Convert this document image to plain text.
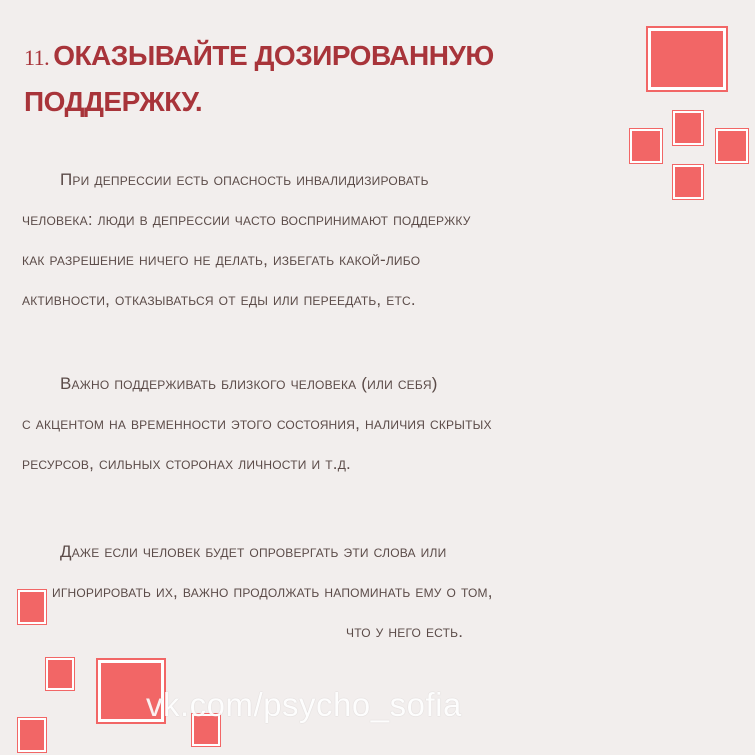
11. ОКАЗЫВАЙТЕ ДОЗИРОВАННУЮ
ПОДДЕРЖКУ.
При депрессии есть опасность инвалидизировать
человека: люди в депрессии часто воспринимают поддержку
как разрешение ничего не делать, избегать какой-либо
активности, отказываться от еды или переедать, етс.
Важно поддерживать близкого человека (или себя)
с акцентом на временности этого состояния, наличия скрытых
ресурсов, сильных сторонах личности и т.д.
Даже если человек будет опровергать эти слова или
игнорировать их, важно продолжать напоминать ему о том,
что у него есть.
vk.com/psycho_sofia
